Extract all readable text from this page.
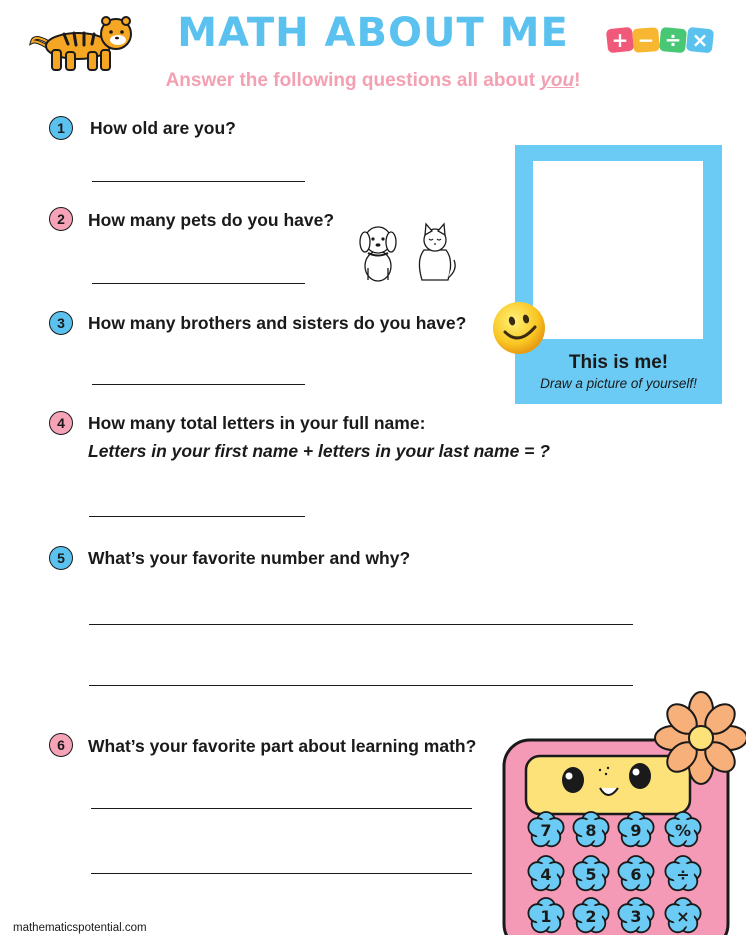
MATH ABOUT ME	+ − ÷ ×
Answer the following questions all about you!
1	How old are you?
2	How many pets do you have?
3	How many brothers and sisters do you have?
4	How many total letters in your full name:
Letters in your first name + letters in your last name = ?
5	What’s your favorite number and why?
6	What’s your favorite part about learning math?
This is me!
Draw a picture of yourself!
7 8 9 %
4 5 6 ÷
1 2 3 ×
mathematicspotential.com
